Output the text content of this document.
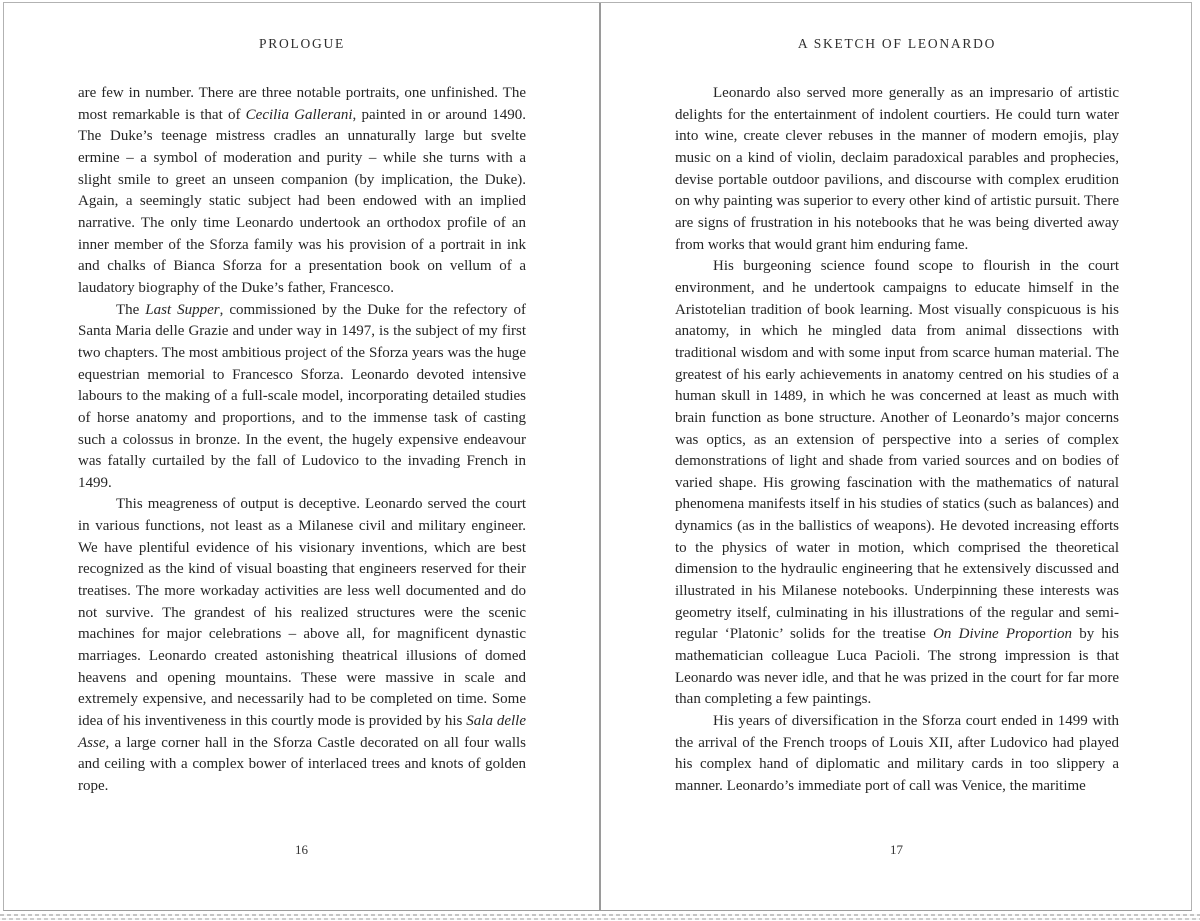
PROLOGUE

are few in number. There are three notable portraits, one unfinished. The most remarkable is that of Cecilia Gallerani, painted in or around 1490. The Duke’s teenage mistress cradles an unnaturally large but svelte ermine – a symbol of moderation and purity – while she turns with a slight smile to greet an unseen companion (by implication, the Duke). Again, a seemingly static subject had been endowed with an implied narrative. The only time Leonardo undertook an orthodox profile of an inner member of the Sforza family was his provision of a portrait in ink and chalks of Bianca Sforza for a presentation book on vellum of a laudatory biography of the Duke’s father, Francesco.

The Last Supper, commissioned by the Duke for the refectory of Santa Maria delle Grazie and under way in 1497, is the subject of my first two chapters. The most ambitious project of the Sforza years was the huge equestrian memorial to Francesco Sforza. Leonardo devoted intensive labours to the making of a full-scale model, incorporating detailed studies of horse anatomy and proportions, and to the immense task of casting such a colossus in bronze. In the event, the hugely expensive endeavour was fatally curtailed by the fall of Ludovico to the invading French in 1499.

This meagreness of output is deceptive. Leonardo served the court in various functions, not least as a Milanese civil and military engineer. We have plentiful evidence of his visionary inventions, which are best recognized as the kind of visual boasting that engineers reserved for their treatises. The more workaday activities are less well documented and do not survive. The grandest of his realized structures were the scenic machines for major celebrations – above all, for magnificent dynastic marriages. Leonardo created astonishing theatrical illusions of domed heavens and opening mountains. These were massive in scale and extremely expensive, and necessarily had to be completed on time. Some idea of his inventiveness in this courtly mode is provided by his Sala delle Asse, a large corner hall in the Sforza Castle decorated on all four walls and ceiling with a complex bower of interlaced trees and knots of golden rope.

16
A SKETCH OF LEONARDO

Leonardo also served more generally as an impresario of artistic delights for the entertainment of indolent courtiers. He could turn water into wine, create clever rebuses in the manner of modern emojis, play music on a kind of violin, declaim paradoxical parables and prophecies, devise portable outdoor pavilions, and discourse with complex erudition on why painting was superior to every other kind of artistic pursuit. There are signs of frustration in his notebooks that he was being diverted away from works that would grant him enduring fame.

His burgeoning science found scope to flourish in the court environment, and he undertook campaigns to educate himself in the Aristotelian tradition of book learning. Most visually conspicuous is his anatomy, in which he mingled data from animal dissections with traditional wisdom and with some input from scarce human material. The greatest of his early achievements in anatomy centred on his studies of a human skull in 1489, in which he was concerned at least as much with brain function as bone structure. Another of Leonardo’s major concerns was optics, as an extension of perspective into a series of complex demonstrations of light and shade from varied sources and on bodies of varied shape. His growing fascination with the mathematics of natural phenomena manifests itself in his studies of statics (such as balances) and dynamics (as in the ballistics of weapons). He devoted increasing efforts to the physics of water in motion, which comprised the theoretical dimension to the hydraulic engineering that he extensively discussed and illustrated in his Milanese notebooks. Underpinning these interests was geometry itself, culminating in his illustrations of the regular and semi-regular ‘Platonic’ solids for the treatise On Divine Proportion by his mathematician colleague Luca Pacioli. The strong impression is that Leonardo was never idle, and that he was prized in the court for far more than completing a few paintings.

His years of diversification in the Sforza court ended in 1499 with the arrival of the French troops of Louis XII, after Ludovico had played his complex hand of diplomatic and military cards in too slippery a manner. Leonardo’s immediate port of call was Venice, the maritime

17
